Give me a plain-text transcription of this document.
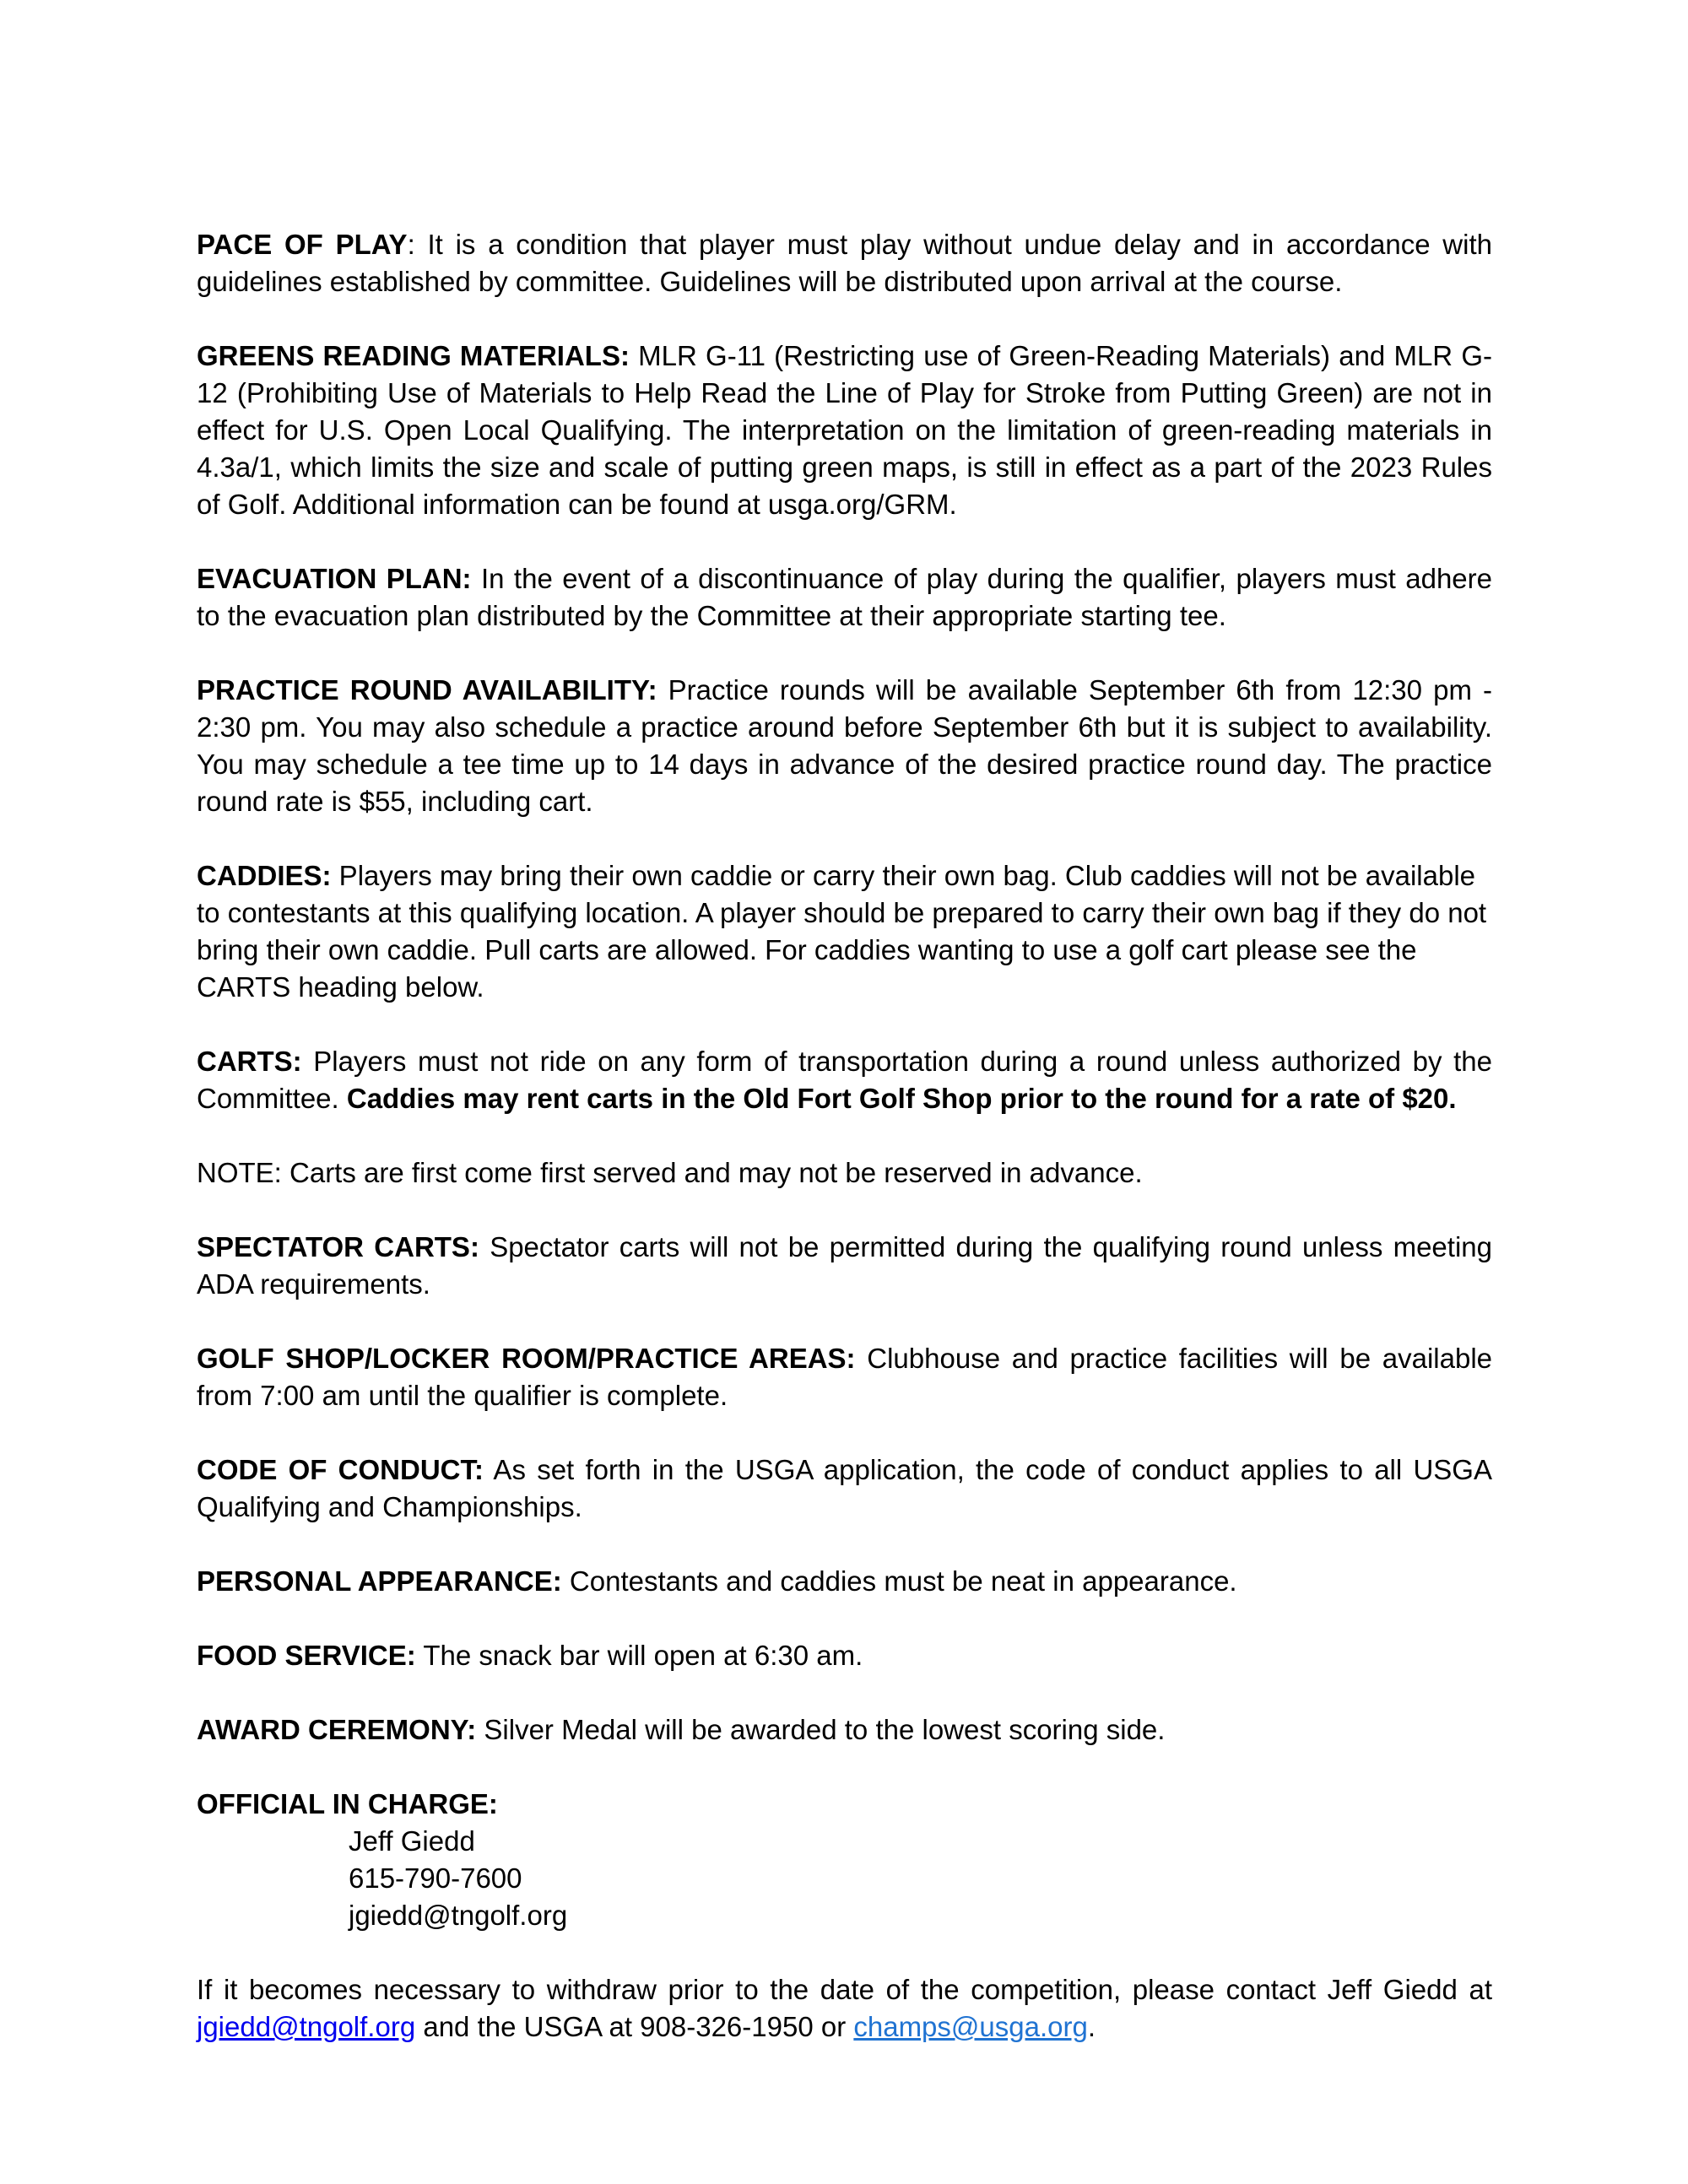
PACE OF PLAY: It is a condition that player must play without undue delay and in accordance with guidelines established by committee. Guidelines will be distributed upon arrival at the course.
GREENS READING MATERIALS: MLR G-11 (Restricting use of Green-Reading Materials) and MLR G-12 (Prohibiting Use of Materials to Help Read the Line of Play for Stroke from Putting Green) are not in effect for U.S. Open Local Qualifying. The interpretation on the limitation of green-reading materials in 4.3a/1, which limits the size and scale of putting green maps, is still in effect as a part of the 2023 Rules of Golf. Additional information can be found at usga.org/GRM.
EVACUATION PLAN: In the event of a discontinuance of play during the qualifier, players must adhere to the evacuation plan distributed by the Committee at their appropriate starting tee.
PRACTICE ROUND AVAILABILITY: Practice rounds will be available September 6th from 12:30 pm - 2:30 pm. You may also schedule a practice around before September 6th but it is subject to availability. You may schedule a tee time up to 14 days in advance of the desired practice round day. The practice round rate is $55, including cart.
CADDIES: Players may bring their own caddie or carry their own bag. Club caddies will not be available to contestants at this qualifying location. A player should be prepared to carry their own bag if they do not bring their own caddie. Pull carts are allowed. For caddies wanting to use a golf cart please see the CARTS heading below.
CARTS: Players must not ride on any form of transportation during a round unless authorized by the Committee. Caddies may rent carts in the Old Fort Golf Shop prior to the round for a rate of $20.
NOTE: Carts are first come first served and may not be reserved in advance.
SPECTATOR CARTS: Spectator carts will not be permitted during the qualifying round unless meeting ADA requirements.
GOLF SHOP/LOCKER ROOM/PRACTICE AREAS: Clubhouse and practice facilities will be available from 7:00 am until the qualifier is complete.
CODE OF CONDUCT: As set forth in the USGA application, the code of conduct applies to all USGA Qualifying and Championships.
PERSONAL APPEARANCE: Contestants and caddies must be neat in appearance.
FOOD SERVICE: The snack bar will open at 6:30 am.
AWARD CEREMONY: Silver Medal will be awarded to the lowest scoring side.
OFFICIAL IN CHARGE:
Jeff Giedd
615-790-7600
jgiedd@tngolf.org
If it becomes necessary to withdraw prior to the date of the competition, please contact Jeff Giedd at jgiedd@tngolf.org and the USGA at 908-326-1950 or champs@usga.org.
